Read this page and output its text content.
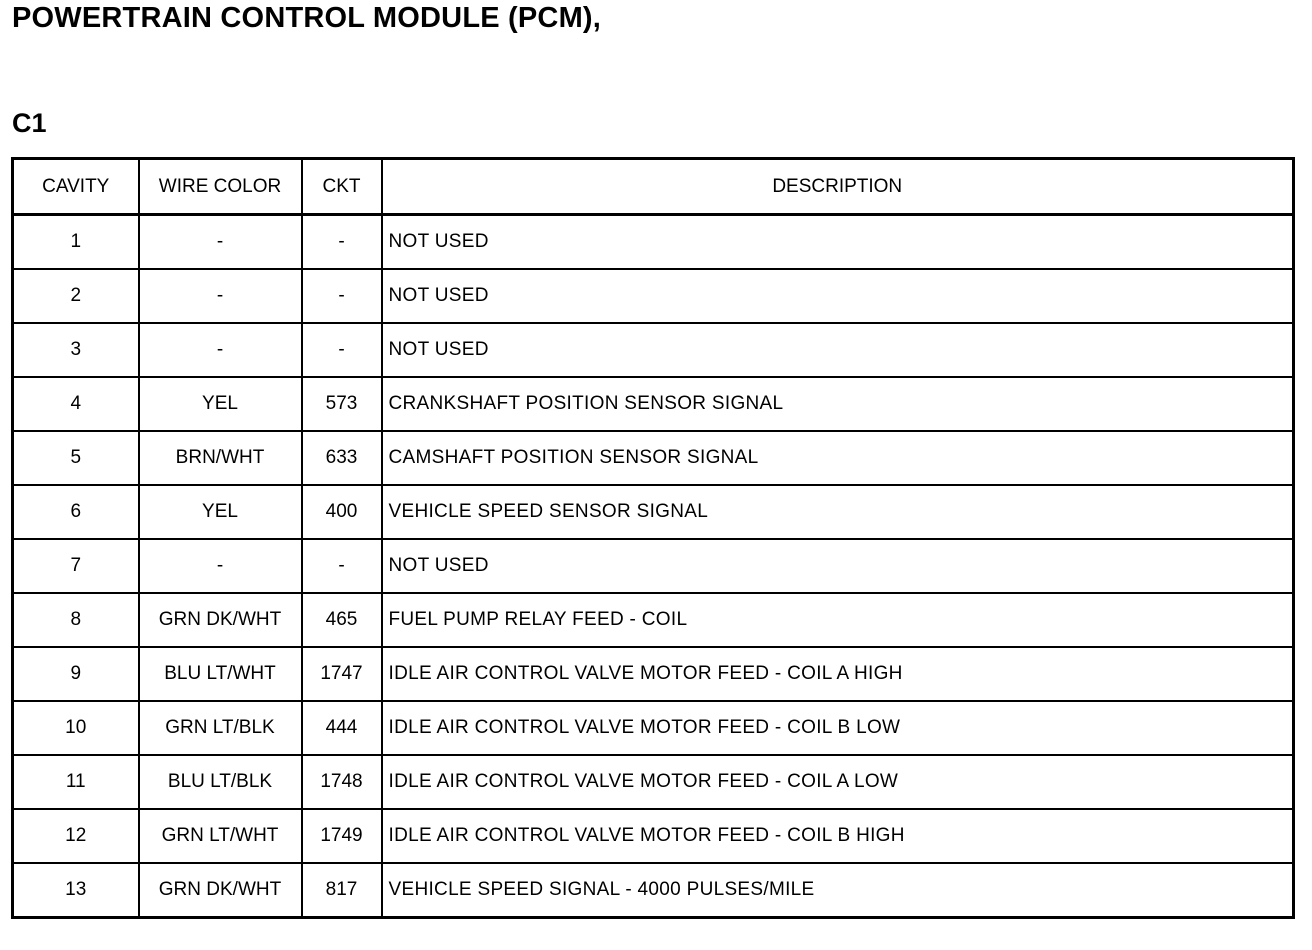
POWERTRAIN CONTROL MODULE (PCM),
C1
CAVITY	WIRE COLOR	CKT	DESCRIPTION
1	-	-	NOT USED
2	-	-	NOT USED
3	-	-	NOT USED
4	YEL	573	CRANKSHAFT POSITION SENSOR SIGNAL
5	BRN/WHT	633	CAMSHAFT POSITION SENSOR SIGNAL
6	YEL	400	VEHICLE SPEED SENSOR SIGNAL
7	-	-	NOT USED
8	GRN DK/WHT	465	FUEL PUMP RELAY FEED - COIL
9	BLU LT/WHT	1747	IDLE AIR CONTROL VALVE MOTOR FEED - COIL A HIGH
10	GRN LT/BLK	444	IDLE AIR CONTROL VALVE MOTOR FEED - COIL B LOW
11	BLU LT/BLK	1748	IDLE AIR CONTROL VALVE MOTOR FEED - COIL A LOW
12	GRN LT/WHT	1749	IDLE AIR CONTROL VALVE MOTOR FEED - COIL B HIGH
13	GRN DK/WHT	817	VEHICLE SPEED SIGNAL - 4000 PULSES/MILE
